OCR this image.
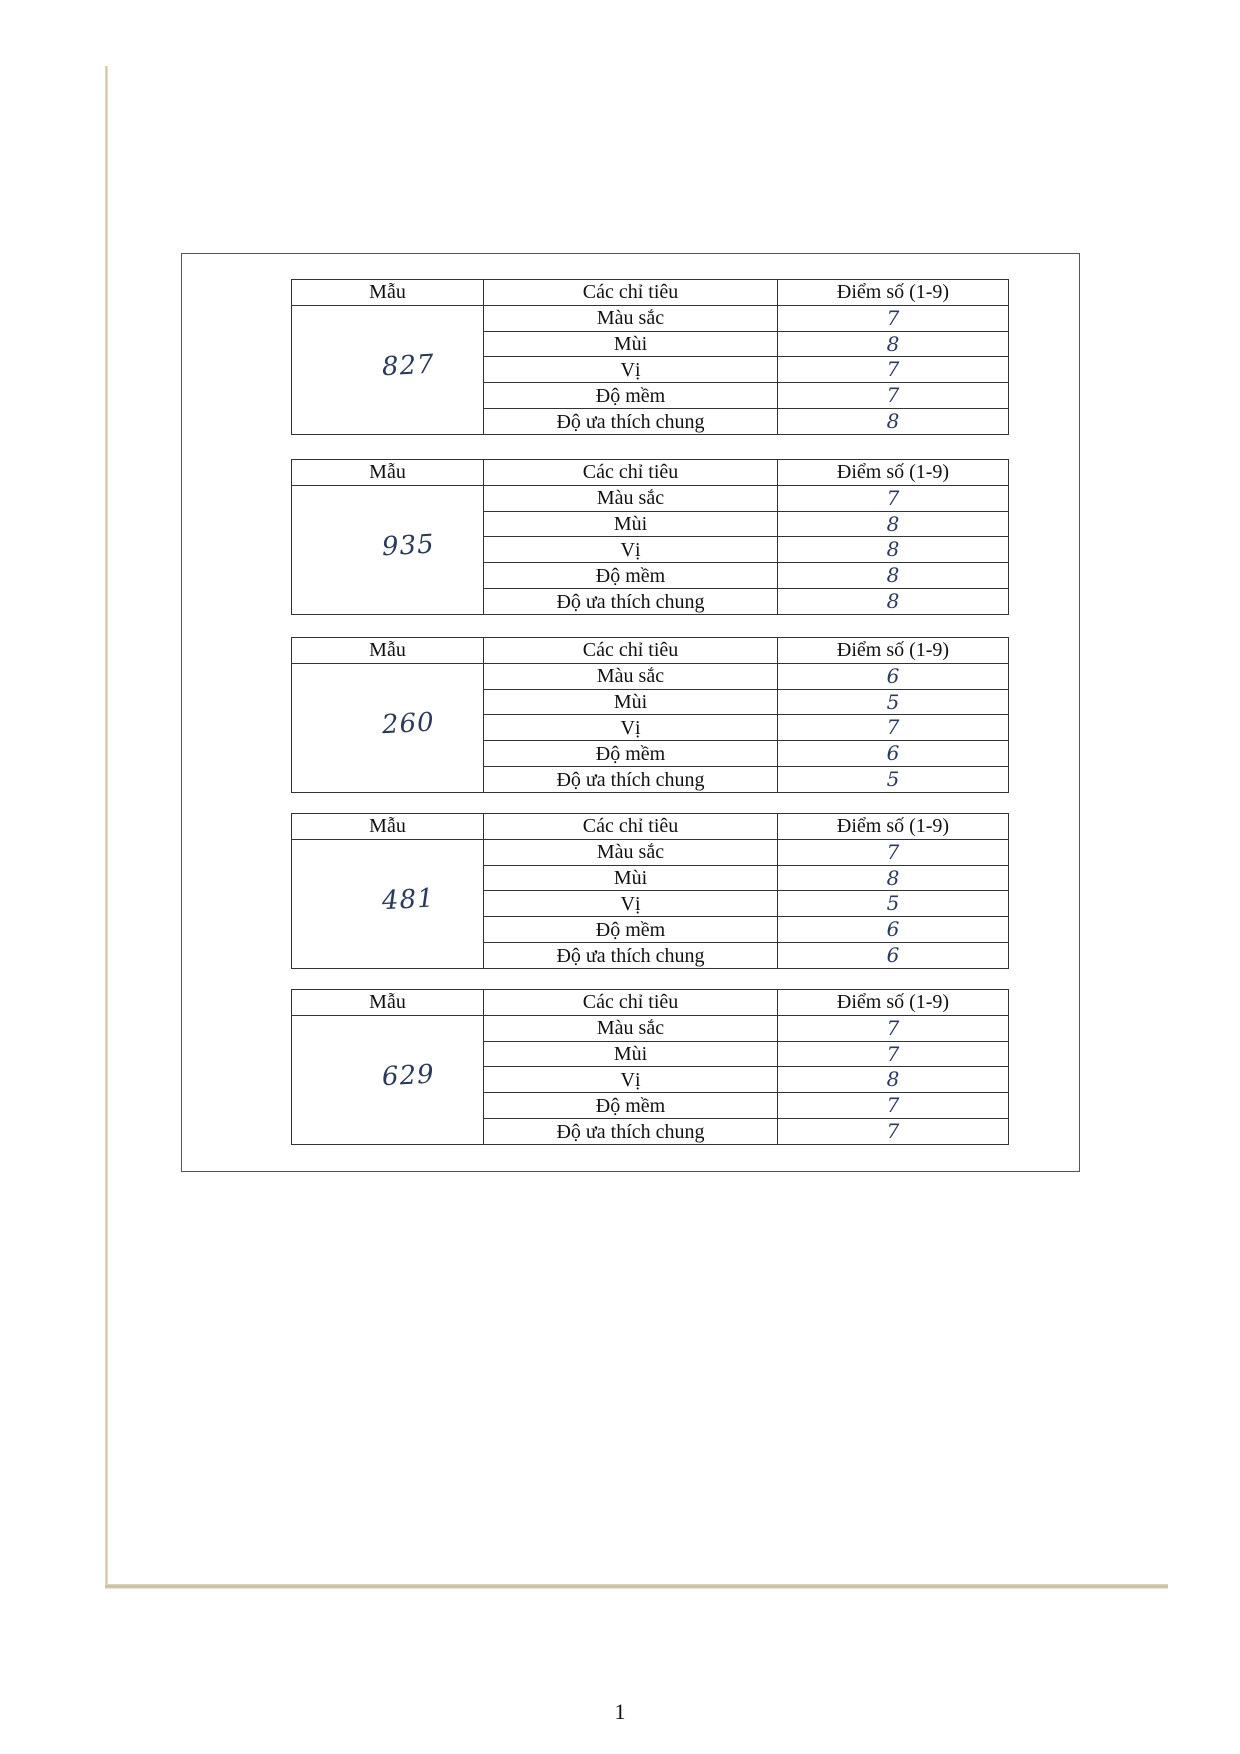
Mẫu	Các chỉ tiêu	Điểm số (1-9)
827	Màu sắc	7
	Mùi	8
	Vị	7
	Độ mềm	7
	Độ ưa thích chung	8
Mẫu	Các chỉ tiêu	Điểm số (1-9)
935	Màu sắc	7
	Mùi	8
	Vị	8
	Độ mềm	8
	Độ ưa thích chung	8
Mẫu	Các chỉ tiêu	Điểm số (1-9)
260	Màu sắc	6
	Mùi	5
	Vị	7
	Độ mềm	6
	Độ ưa thích chung	5
Mẫu	Các chỉ tiêu	Điểm số (1-9)
481	Màu sắc	7
	Mùi	8
	Vị	5
	Độ mềm	6
	Độ ưa thích chung	6
Mẫu	Các chỉ tiêu	Điểm số (1-9)
629	Màu sắc	7
	Mùi	7
	Vị	8
	Độ mềm	7
	Độ ưa thích chung	7
1
